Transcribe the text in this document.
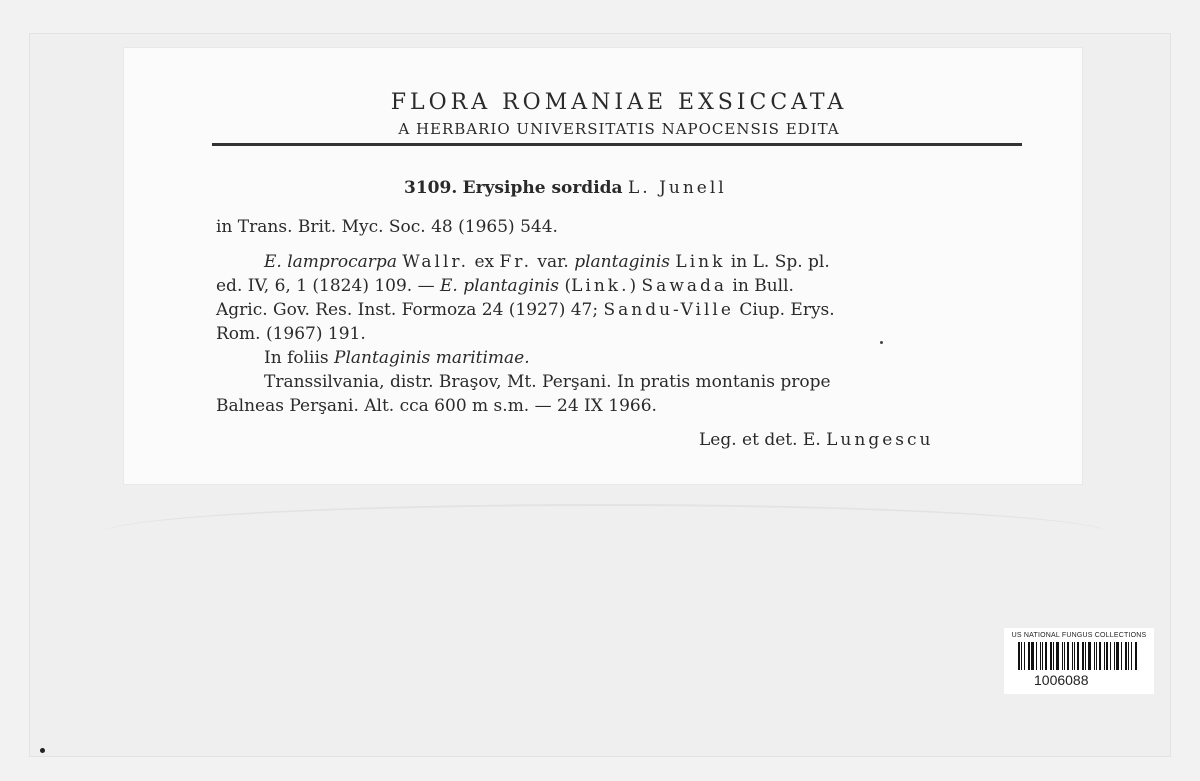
FLORA ROMANIAE EXSICCATA
A HERBARIO UNIVERSITATIS NAPOCENSIS EDITA
3109. Erysiphe sordida L. Junell
in Trans. Brit. Myc. Soc. 48 (1965) 544.
E. lamprocarpa Wallr. ex Fr. var. plantaginis Link in L. Sp. pl.
ed. IV, 6, 1 (1824) 109. — E. plantaginis (Link.) Sawada in Bull.
Agric. Gov. Res. Inst. Formoza 24 (1927) 47; Sandu-Ville Ciup. Erys.
Rom. (1967) 191.
In foliis Plantaginis maritimae.
Transsilvania, distr. Braşov, Mt. Perşani. In pratis montanis prope
Balneas Perşani. Alt. cca 600 m s.m. — 24 IX 1966.
Leg. et det. E. Lungescu
US NATIONAL FUNGUS COLLECTIONS
1006088
